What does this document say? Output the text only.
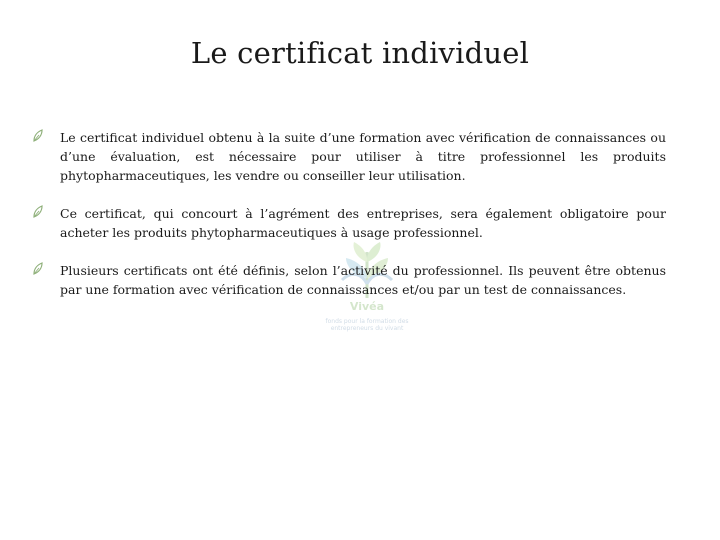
Le certificat individuel
Vivéa
fonds pour la formation des entrepreneurs du vivant
Le certificat individuel obtenu à la suite d’une formation avec vérification de connaissances ou d’une évaluation, est nécessaire pour utiliser à titre professionnel les produits phytopharmaceutiques, les vendre ou conseiller leur utilisation.
Ce certificat, qui concourt à l’agrément des entreprises, sera également obligatoire pour acheter les produits phytopharmaceutiques à usage professionnel.
Plusieurs certificats ont été définis, selon l’activité du professionnel. Ils peuvent être obtenus par une formation avec vérification de connaissances et/ou par un test de connaissances.
